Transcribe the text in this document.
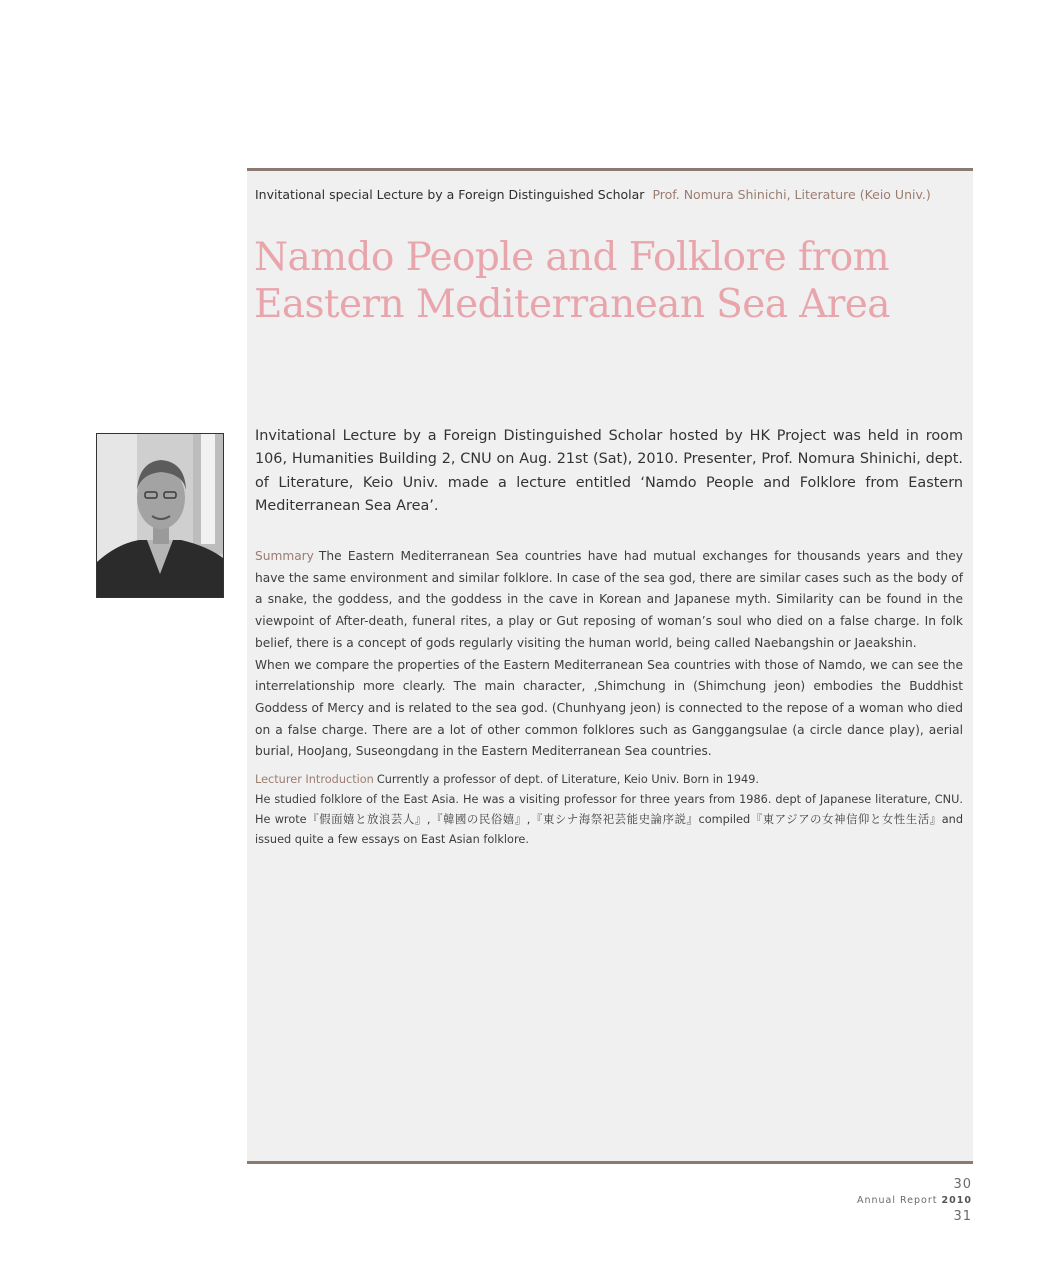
Invitational special Lecture by a Foreign Distinguished Scholar Prof. Nomura Shinichi, Literature (Keio Univ.)
Namdo People and Folklore from
Eastern Mediterranean Sea Area

Invitational Lecture by a Foreign Distinguished Scholar hosted by HK Project was held in room 106, Humanities Building 2, CNU on Aug. 21st (Sat), 2010. Presenter, Prof. Nomura Shinichi, dept. of Literature, Keio Univ. made a lecture entitled ‘Namdo People and Folklore from Eastern Mediterranean Sea Area’.

Summary The Eastern Mediterranean Sea countries have had mutual exchanges for thousands years and they have the same environment and similar folklore. In case of the sea god, there are similar cases such as the body of a snake, the goddess, and the goddess in the cave in Korean and Japanese myth. Similarity can be found in the viewpoint of After-death, funeral rites, a play or Gut reposing of woman’s soul who died on a false charge. In folk belief, there is a concept of gods regularly visiting the human world, being called Naebangshin or Jaeakshin.
When we compare the properties of the Eastern Mediterranean Sea countries with those of Namdo, we can see the interrelationship more clearly. The main character, ‚Shimchung in (Shimchung jeon) embodies the Buddhist Goddess of Mercy and is related to the sea god. (Chunhyang jeon) is connected to the repose of a woman who died on a false charge. There are a lot of other common folklores such as Ganggangsulae (a circle dance play), aerial burial, HooJang, Suseongdang in the Eastern Mediterranean Sea countries.
Lecturer Introduction Currently a professor of dept. of Literature, Keio Univ. Born in 1949.
He studied folklore of the East Asia. He was a visiting professor for three years from 1986. dept of Japanese literature, CNU. He wrote『假面嬉と放浪芸人』,『韓國の民俗嬉』,『東シナ海祭祀芸能史論序説』compiled『東アジアの女神信仰と女性生活』and issued quite a few essays on East Asian folklore.
30
Annual Report 2010
31
